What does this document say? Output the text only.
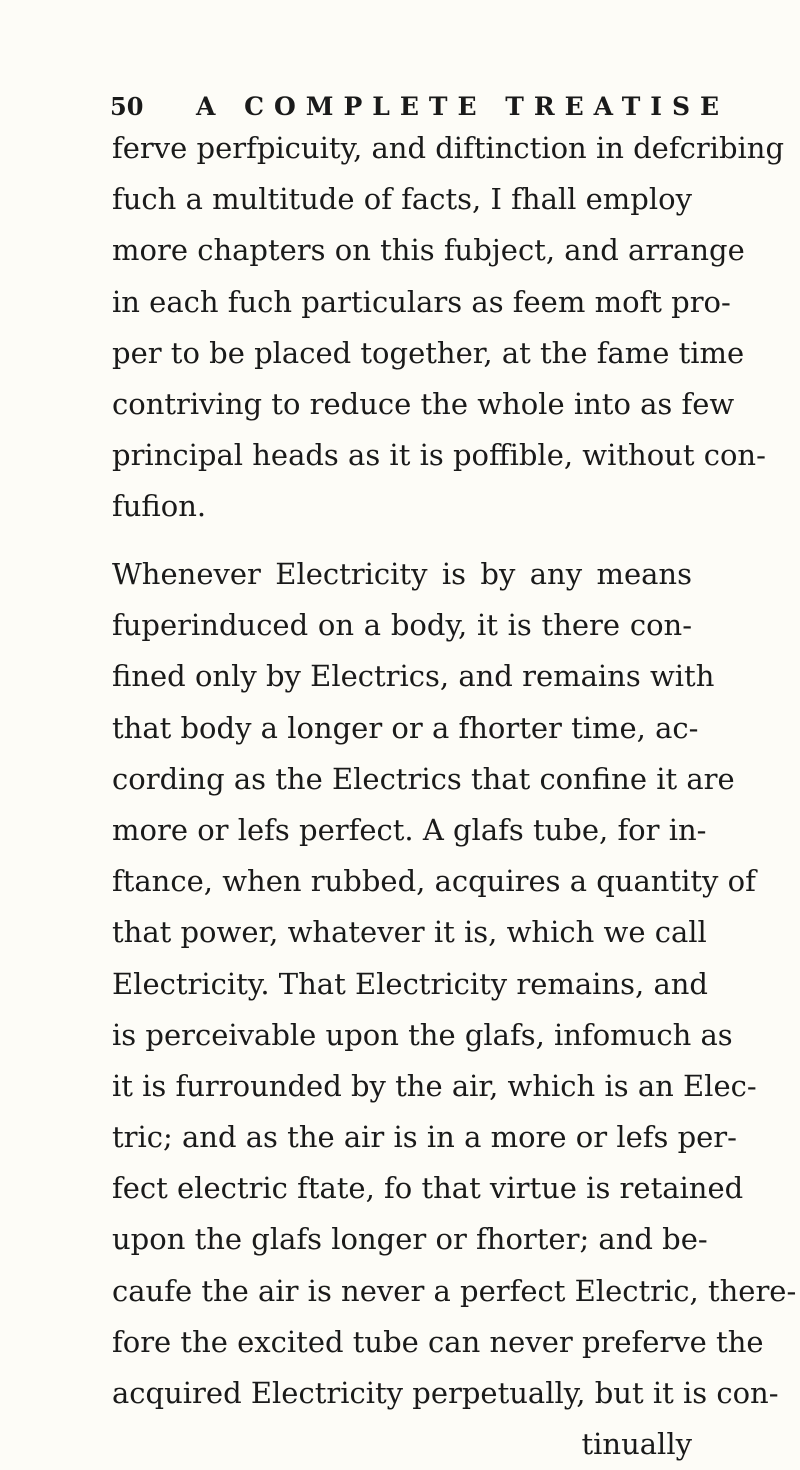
50 A COMPLETE TREATISE
ferve perfpicuity, and diftinction in defcribing
fuch a multitude of facts, I fhall employ
more chapters on this fubject, and arrange
in each fuch particulars as feem moft pro-
per to be placed together, at the fame time
contriving to reduce the whole into as few
principal heads as it is poffible, without con-
fufion.
Whenever Electricity is by any means
fuperinduced on a body, it is there con-
fined only by Electrics, and remains with
that body a longer or a fhorter time, ac-
cording as the Electrics that confine it are
more or lefs perfect. A glafs tube, for in-
ftance, when rubbed, acquires a quantity of
that power, whatever it is, which we call
Electricity. That Electricity remains, and
is perceivable upon the glafs, infomuch as
it is furrounded by the air, which is an Elec-
tric; and as the air is in a more or lefs per-
fect electric ftate, fo that virtue is retained
upon the glafs longer or fhorter; and be-
caufe the air is never a perfect Electric, there-
fore the excited tube can never preferve the
acquired Electricity perpetually, but it is con-
tinually
